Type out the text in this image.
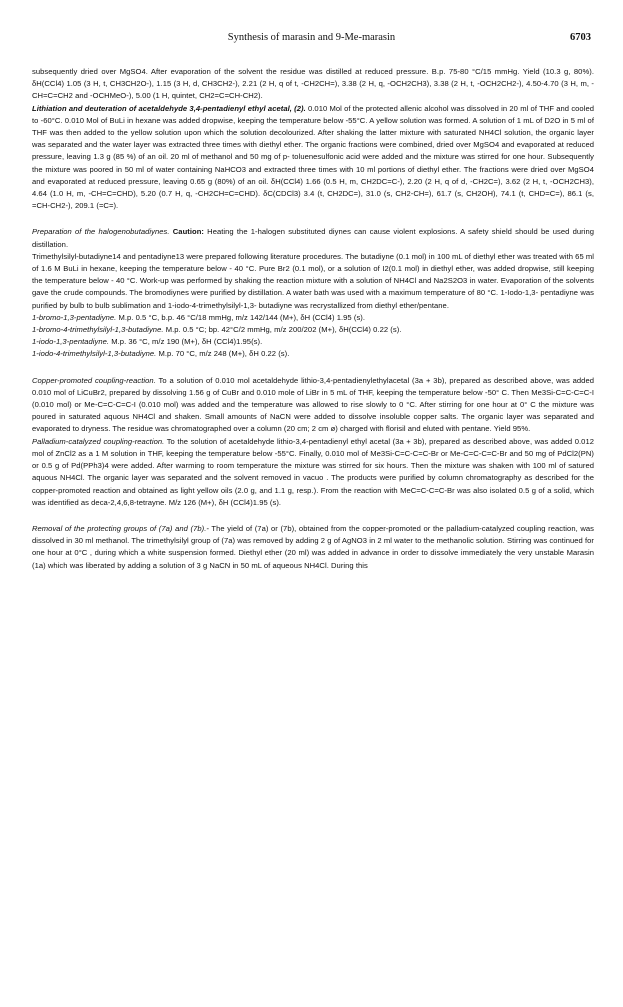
Synthesis of marasin and 9-Me-marasin	6703

subsequently dried over MgSO4. After evaporation of the solvent the residue was distilled at reduced pressure. B.p. 75-80 °C/15 mmHg. Yield (10.3 g, 80%). δH(CCl4) 1.05 (3 H, t, CH3CH2O-), 1.15 (3 H, d, CH3CH2-), 2.21 (2 H, q of t, -CH2CH=), 3.38 (2 H, q, -OCH2CH3), 3.38 (2 H, t, -OCH2CH2-), 4.50-4.70 (3 H, m, -CH=C=CH2 and -OCHMeO-), 5.00 (1 H, quintet, CH2=C=CH-CH2).

Lithiation and deuteration of acetaldehyde 3,4-pentadienyl ethyl acetal, (2). 0.010 Mol of the protected allenic alcohol was dissolved in 20 ml of THF and cooled to -60°C. 0.010 Mol of BuLi in hexane was added dropwise, keeping the temperature below -55°C. A yellow solution was formed. A solution of 1 mL of D2O in 5 ml of THF was then added to the yellow solution upon which the solution decolourized. After shaking the latter mixture with saturated NH4Cl solution, the organic layer was separated and the water layer was extracted three times with diethyl ether. The organic fractions were combined, dried over MgSO4 and evaporated at reduced pressure, leaving 1.3 g (85 %) of an oil. 20 ml of methanol and 50 mg of p- toluenesulfonic acid were added and the mixture was stirred for one hour. Subsequently the mixture was poored in 50 ml of water containing NaHCO3 and extracted three times with 10 ml portions of diethyl ether. The fractions were dried over MgSO4 and evaporated at reduced pressure, leaving 0.65 g (80%) of an oil. δH(CCl4) 1.66 (0.5 H, m, CH2DC=C-), 2.20 (2 H, q of d, -CH2C=), 3.62 (2 H, t, -OCH2CH3), 4.64 (1.0 H, m, -CH=C=CHD), 5.20 (0.7 H, q, -CH2CH=C=CHD). δC(CDCl3) 3.4 (t, CH2DC=), 31.0 (s, CH2-CH=), 61.7 (s, CH2OH), 74.1 (t, CHD=C=), 86.1 (s, =CH-CH2-), 209.1 (=C=).

Preparation of the halogenobutadiynes. Caution: Heating the 1-halogen substituted diynes can cause violent explosions. A safety shield should be used during distillation.

Trimethylsilyl-butadiyne14 and pentadiyne13 were prepared following literature procedures. The butadiyne (0.1 mol) in 100 mL of diethyl ether was treated with 65 ml of 1.6 M BuLi in hexane, keeping the temperature below - 40 °C. Pure Br2 (0.1 mol), or a solution of I2(0.1 mol) in diethyl ether, was added dropwise, still keeping the temperature below - 40 °C. Work-up was performed by shaking the reaction mixture with a solution of NH4Cl and Na2S2O3 in water. Evaporation of the solvents gave the crude compounds. The bromodiynes were purified by distillation. A water bath was used with a maximum temperature of 80 °C. 1-Iodo-1,3- pentadiyne was purified by bulb to bulb sublimation and 1-iodo-4-trimethylsilyl-1,3- butadiyne was recrystallized from diethyl ether/pentane.

1-bromo-1,3-pentadiyne. M.p. 0.5 °C, b.p. 46 °C/18 mmHg, m/z 142/144 (M+), δH (CCl4) 1.95 (s).

1-bromo-4-trimethylsilyl-1,3-butadiyne. M.p. 0.5 °C; bp. 42°C/2 mmHg, m/z 200/202 (M+), δH(CCl4) 0.22 (s).

1-iodo-1,3-pentadiyne. M.p. 36 °C, m/z 190 (M+), δH (CCl4)1.95(s).

1-iodo-4-trimethylsilyl-1,3-butadiyne. M.p. 70 °C, m/z 248 (M+), δH 0.22 (s).

Copper-promoted coupling-reaction. To a solution of 0.010 mol acetaldehyde lithio-3,4-pentadienylethylacetal (3a + 3b), prepared as described above, was added 0.010 mol of LiCuBr2, prepared by dissolving 1.56 g of CuBr and 0.010 mole of LiBr in 5 mL of THF, keeping the temperature below -50° C. Then Me3Si-C=C-C=C-I (0.010 mol) or Me-C=C-C=C-I (0.010 mol) was added and the temperature was allowed to rise slowly to 0 °C. After stirring for one hour at 0° C the mixture was poured in saturated aquous NH4Cl and shaken. Small amounts of NaCN were added to dissolve insoluble copper salts. The organic layer was separated and evaporated to dryness. The residue was chromatographed over a column (20 cm; 2 cm ø) charged with florisil and eluted with pentane. Yield 95%.

Palladium-catalyzed coupling-reaction. To the solution of acetaldehyde lithio-3,4-pentadienyl ethyl acetal (3a + 3b), prepared as described above, was added 0.012 mol of ZnCl2 as a 1 M solution in THF, keeping the temperature below -55°C. Finally, 0.010 mol of Me3Si-C=C-C=C-Br or Me-C=C-C=C-Br and 50 mg of PdCl2(PN) or 0.5 g of Pd(PPh3)4 were added. After warming to room temperature the mixture was stirred for six hours. Then the mixture was shaken with 100 ml of satured aquous NH4Cl. The organic layer was separated and the solvent removed in vacuo . The products were purified by column chromatography as described for the copper-promoted reaction and obtained as light yellow oils (2.0 g, and 1.1 g, resp.). From the reaction with MeC=C-C=C-Br was also isolated 0.5 g of a solid, which was identified as deca-2,4,6,8-tetrayne. M/z 126 (M+), δH (CCl4)1.95 (s).

Removal of the protecting groups of (7a) and (7b).- The yield of (7a) or (7b), obtained from the copper-promoted or the palladium-catalyzed coupling reaction, was dissolved in 30 ml methanol. The trimethylsilyl group of (7a) was removed by adding 2 g of AgNO3 in 2 ml water to the methanolic solution. Stirring was continued for one hour at 0°C , during which a white suspension formed. Diethyl ether (20 ml) was added in advance in order to dissolve immediately the very unstable Marasin (1a) which was liberated by adding a solution of 3 g NaCN in 50 mL of aqueous NH4Cl. During this
